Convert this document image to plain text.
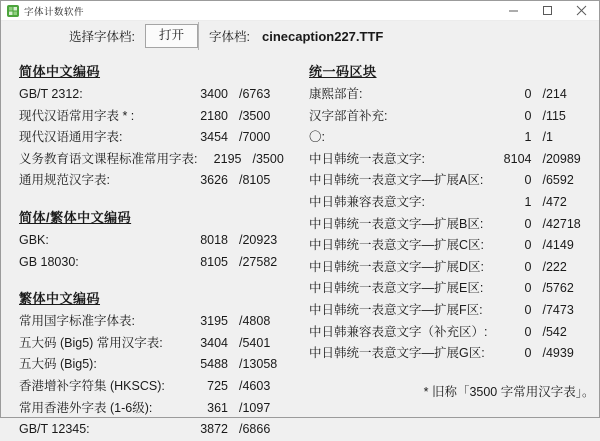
字体计数软件
选择字体档:	打开	字体档: cinecaption227.TTF
简体中文编码
GB/T 2312:	3400 /6763
现代汉语常用字表 * :	2180 /3500
现代汉语通用字表:	3454 /7000
义务教育语文课程标准常用字表:	2195 /3500
通用规范汉字表:	3626 /8105
简体/繁体中文编码
GBK:	8018 /20923
GB 18030:	8105 /27582
繁体中文编码
常用国字标准字体表:	3195 /4808
五大码 (Big5) 常用汉字表:	3404 /5401
五大码 (Big5):	5488 /13058
香港增补字符集 (HKSCS):	725 /4603
常用香港外字表 (1-6级):	361 /1097
GB/T 12345:	3872 /6866
统一码区块
康熙部首:	0 /214
汉字部首补充:	0 /115
〇:	1 /1
中日韩统一表意文字:	8104 /20989
中日韩统一表意文字—扩展A区:	0 /6592
中日韩兼容表意文字:	1 /472
中日韩统一表意文字—扩展B区:	0 /42718
中日韩统一表意文字—扩展C区:	0 /4149
中日韩统一表意文字—扩展D区:	0 /222
中日韩统一表意文字—扩展E区:	0 /5762
中日韩统一表意文字—扩展F区:	0 /7473
中日韩兼容表意文字（补充区）:	0 /542
中日韩统一表意文字—扩展G区:	0 /4939
* 旧称「3500 字常用汉字表」。
